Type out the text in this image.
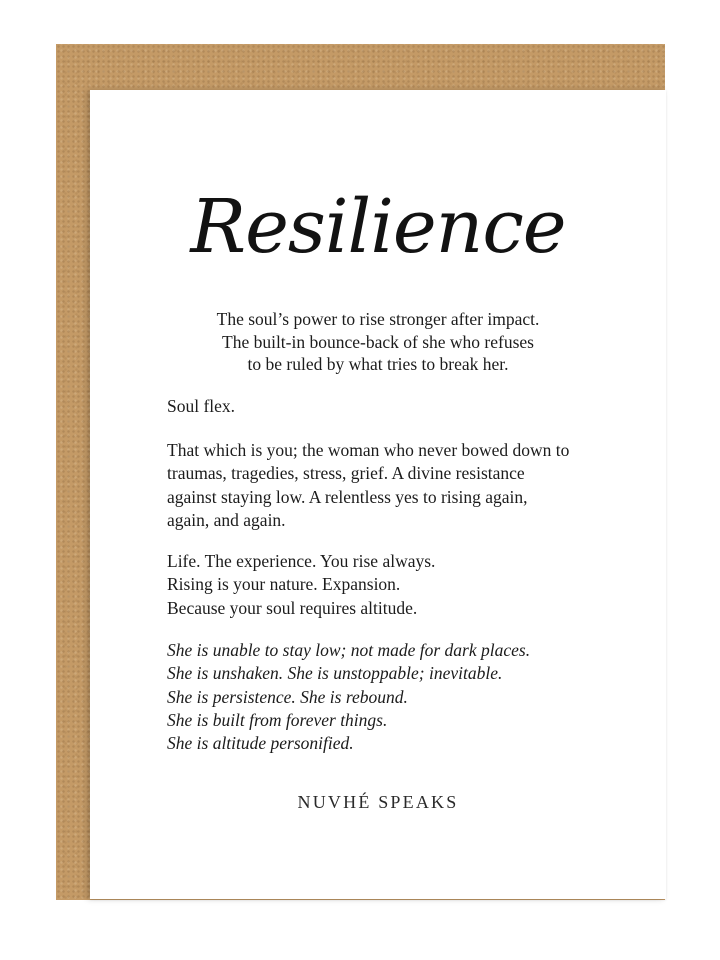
Resilience
The soul’s power to rise stronger after impact.
The built-in bounce-back of she who refuses
to be ruled by what tries to break her.
Soul flex.
That which is you; the woman who never bowed down to
traumas, tragedies, stress, grief. A divine resistance
against staying low. A relentless yes to rising again,
again, and again.
Life. The experience. You rise always.
Rising is your nature. Expansion.
Because your soul requires altitude.
She is unable to stay low; not made for dark places.
She is unshaken. She is unstoppable; inevitable.
She is persistence. She is rebound.
She is built from forever things.
She is altitude personified.
NUVHÉ SPEAKS
